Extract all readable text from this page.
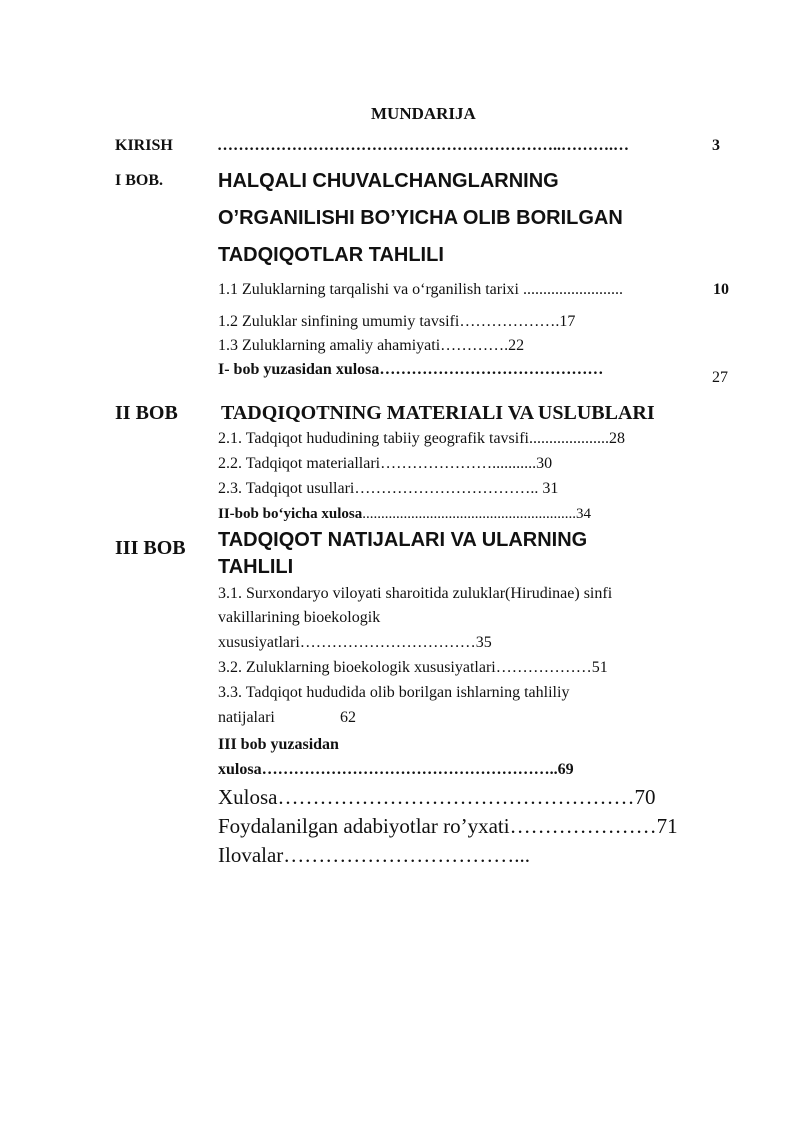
MUNDARIJA
KIRISH	………………………………………………………..……….…	3
I BOB.	HALQALI CHUVALCHANGLARNING
O’RGANILISHI BO’YICHA OLIB BORILGAN
TADQIQOTLAR TAHLILI
1.1 Zuluklarning tarqalishi va o‘rganilish tarixi .........................	10
1.2 Zuluklar sinfining umumiy tavsifi……………….17
1.3 Zuluklarning amaliy ahamiyati………….22
I- bob yuzasidan xulosa……………………………………	27
II BOB TADQIQOTNING MATERIALI VA USLUBLARI
2.1. Tadqiqot hududining tabiiy geografik tavsifi....................28
2.2. Tadqiqot materiallari…………………...........30
2.3. Tadqiqot usullari…………………………….. 31
II-bob bo‘yicha xulosa.........................................................34
III BOB TADQIQOT NATIJALARI VA ULARNING
TAHLILI
3.1. Surxondaryo viloyati sharoitida zuluklar(Hirudinae) sinfi
vakillarining bioekologik
xususiyatlari……………………………35
3.2. Zuluklarning bioekologik xususiyatlari………………51
3.3. Tadqiqot hududida olib borilgan ishlarning tahliliy
natijalari	62
III bob yuzasidan
xulosa………………………………………………..69
Xulosa……………………………………………70
Foydalanilgan adabiyotlar ro’yxati…………………71
Ilovalar……………………………...
